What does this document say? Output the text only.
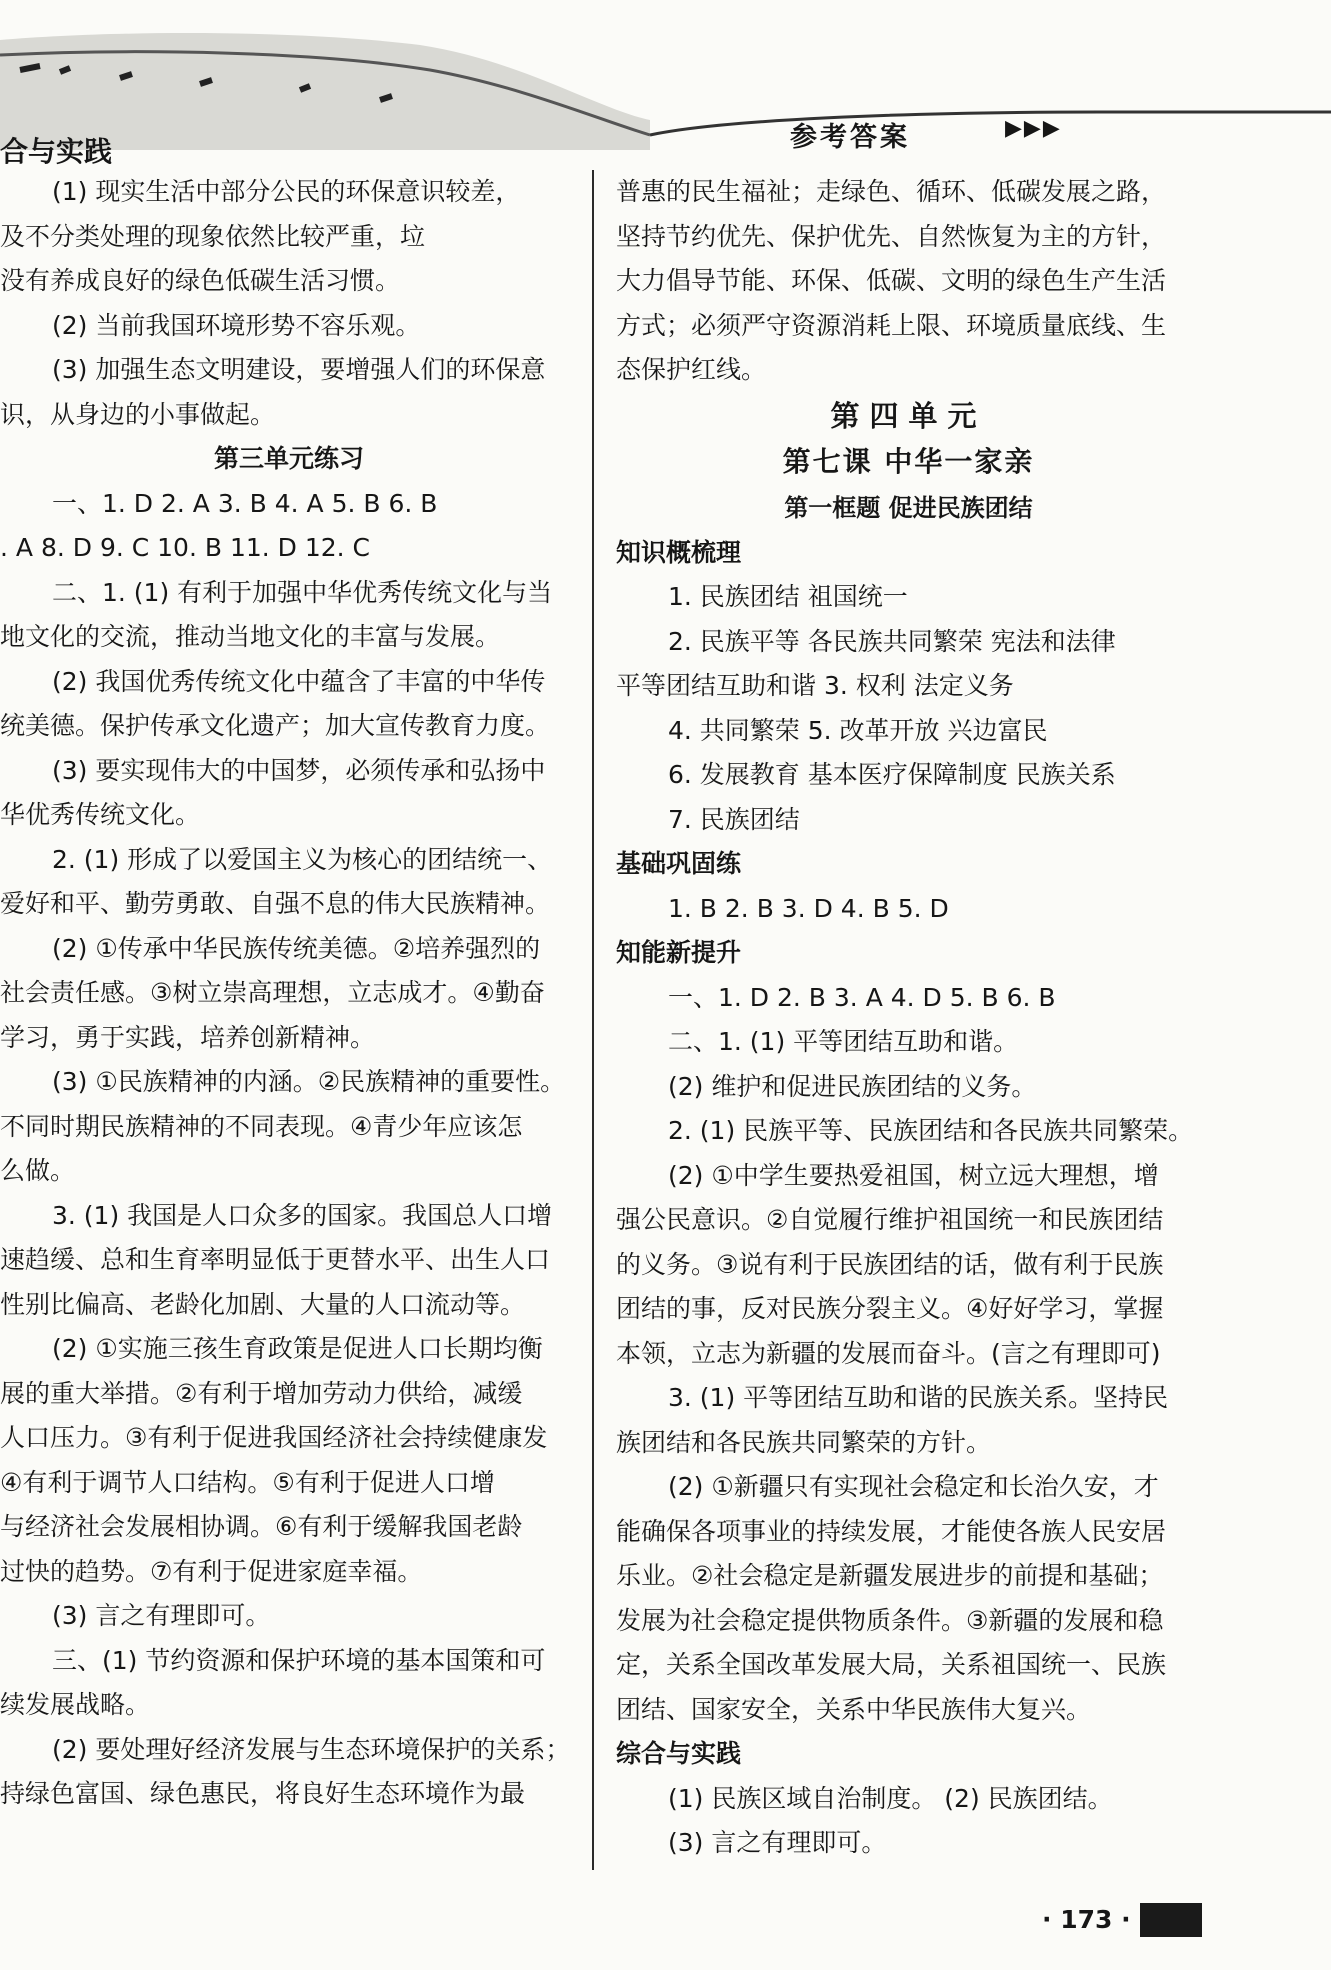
合与实践	参考答案	▶▶▶
(1) 现实生活中部分公民的环保意识较差，
及不分类处理的现象依然比较严重，垃
没有养成良好的绿色低碳生活习惯。
(2) 当前我国环境形势不容乐观。
(3) 加强生态文明建设，要增强人们的环保意
识，从身边的小事做起。
第三单元练习
一、1. D 2. A 3. B 4. A 5. B 6. B
. A 8. D 9. C 10. B 11. D 12. C
二、1. (1) 有利于加强中华优秀传统文化与当
地文化的交流，推动当地文化的丰富与发展。
(2) 我国优秀传统文化中蕴含了丰富的中华传
统美德。保护传承文化遗产；加大宣传教育力度。
(3) 要实现伟大的中国梦，必须传承和弘扬中
华优秀传统文化。
2. (1) 形成了以爱国主义为核心的团结统一、
爱好和平、勤劳勇敢、自强不息的伟大民族精神。
(2) ①传承中华民族传统美德。②培养强烈的
社会责任感。③树立崇高理想，立志成才。④勤奋
学习，勇于实践，培养创新精神。
(3) ①民族精神的内涵。②民族精神的重要性。
不同时期民族精神的不同表现。④青少年应该怎
么做。
3. (1) 我国是人口众多的国家。我国总人口增
速趋缓、总和生育率明显低于更替水平、出生人口
性别比偏高、老龄化加剧、大量的人口流动等。
(2) ①实施三孩生育政策是促进人口长期均衡
展的重大举措。②有利于增加劳动力供给，减缓
人口压力。③有利于促进我国经济社会持续健康发
④有利于调节人口结构。⑤有利于促进人口增
与经济社会发展相协调。⑥有利于缓解我国老龄
过快的趋势。⑦有利于促进家庭幸福。
(3) 言之有理即可。
三、(1) 节约资源和保护环境的基本国策和可
续发展战略。
(2) 要处理好经济发展与生态环境保护的关系；
持绿色富国、绿色惠民，将良好生态环境作为最
普惠的民生福祉；走绿色、循环、低碳发展之路，
坚持节约优先、保护优先、自然恢复为主的方针，
大力倡导节能、环保、低碳、文明的绿色生产生活
方式；必须严守资源消耗上限、环境质量底线、生
态保护红线。
第四单元
第七课 中华一家亲
第一框题 促进民族团结
知识概梳理
1. 民族团结 祖国统一
2. 民族平等 各民族共同繁荣 宪法和法律
平等团结互助和谐 3. 权利 法定义务
4. 共同繁荣 5. 改革开放 兴边富民
6. 发展教育 基本医疗保障制度 民族关系
7. 民族团结
基础巩固练
1. B 2. B 3. D 4. B 5. D
知能新提升
一、1. D 2. B 3. A 4. D 5. B 6. B
二、1. (1) 平等团结互助和谐。
(2) 维护和促进民族团结的义务。
2. (1) 民族平等、民族团结和各民族共同繁荣。
(2) ①中学生要热爱祖国，树立远大理想，增
强公民意识。②自觉履行维护祖国统一和民族团结
的义务。③说有利于民族团结的话，做有利于民族
团结的事，反对民族分裂主义。④好好学习，掌握
本领，立志为新疆的发展而奋斗。(言之有理即可)
3. (1) 平等团结互助和谐的民族关系。坚持民
族团结和各民族共同繁荣的方针。
(2) ①新疆只有实现社会稳定和长治久安，才
能确保各项事业的持续发展，才能使各族人民安居
乐业。②社会稳定是新疆发展进步的前提和基础；
发展为社会稳定提供物质条件。③新疆的发展和稳
定，关系全国改革发展大局，关系祖国统一、民族
团结、国家安全，关系中华民族伟大复兴。
综合与实践
(1) 民族区域自治制度。 (2) 民族团结。
(3) 言之有理即可。
· 173 ·
